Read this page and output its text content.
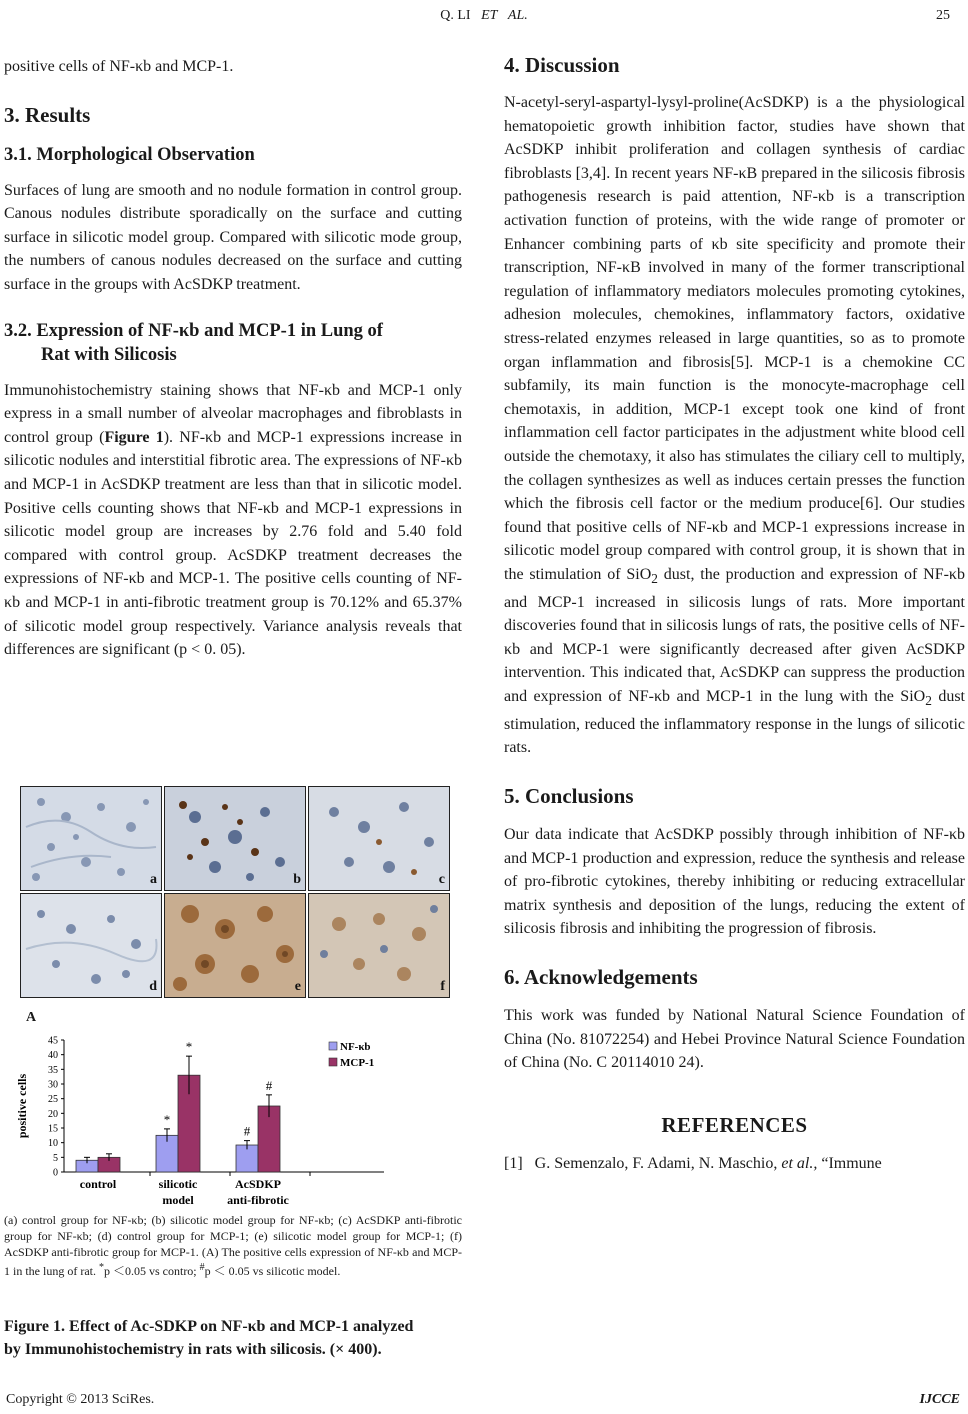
Q. LI ET AL.	25

positive cells of NF-κb and MCP-1.

3. Results
3.1. Morphological Observation

Surfaces of lung are smooth and no nodule formation in control group. Canous nodules distribute sporadically on the surface and cutting surface in silicotic model group. Compared with silicotic mode group, the numbers of canous nodules decreased on the surface and cutting surface in the groups with AcSDKP treatment.

3.2. Expression of NF-κb and MCP-1 in Lung of
Rat with Silicosis

Immunohistochemistry staining shows that NF-κb and MCP-1 only express in a small number of alveolar macrophages and fibroblasts in control group (Figure 1). NF-κb and MCP-1 expressions increase in silicotic nodules and interstitial fibrotic area. The expressions of NF-κb and MCP-1 in AcSDKP treatment are less than that in silicotic model. Positive cells counting shows that NF-κb and MCP-1 expressions in silicotic model group are increases by 2.76 fold and 5.40 fold compared with control group. AcSDKP treatment decreases the expressions of NF-κb and MCP-1. The positive cells counting of NF-κb and MCP-1 in anti-fibrotic treatment group is 70.12% and 65.37% of silicotic model group respectively. Variance analysis reveals that differences are significant (p < 0. 05).

a	b	c
d	e	f
A
0
5
10
15
20
25
30
35
40
45
positive cells
control
*
*
silicotic
model
#
#
AcSDKP
anti-fibrotic
NF-κb
MCP-1
(a) control group for NF-κb; (b) silicotic model group for NF-κb; (c) AcSDKP anti-fibrotic group for NF-κb; (d) control group for MCP-1; (e) silicotic model group for MCP-1; (f) AcSDKP anti-fibrotic group for MCP-1. (A) The positive cells expression of NF-κb and MCP-1 in the lung of rat. *p ＜0.05 vs contro; #p ＜ 0.05 vs silicotic model.
Figure 1. Effect of Ac-SDKP on NF-κb and MCP-1 analyzed
by Immunohistochemistry in rats with silicosis. (× 400).
4. Discussion

N-acetyl-seryl-aspartyl-lysyl-proline(AcSDKP) is a the physiological hematopoietic growth inhibition factor, studies have shown that AcSDKP inhibit proliferation and collagen synthesis of cardiac fibroblasts [3,4]. In recent years NF-κB prepared in the silicosis fibrosis pathogenesis research is paid attention, NF-κb is a transcription activation function of proteins, with the wide range of promoter or Enhancer combining parts of κb site specificity and promote their transcription, NF-κB involved in many of the former transcriptional regulation of inflammatory mediators molecules promoting cytokines, adhesion molecules, chemokines, inflammatory factors, oxidative stress-related enzymes released in large quantities, so as to promote organ inflammation and fibrosis[5]. MCP-1 is a chemokine CC subfamily, its main function is the monocyte-macrophage cell chemotaxis, in addition, MCP-1 except took one kind of front inflammation cell factor participates in the adjustment white blood cell outside the chemotaxy, it also has stimulates the ciliary cell to multiply, the collagen synthesizes as well as induces certain presses the function which the fibrosis cell factor or the medium produce[6]. Our studies found that positive cells of NF-κb and MCP-1 expressions increase in silicotic model group compared with control group, it is shown that in the stimulation of SiO$_2$ dust, the production and expression of NF-κb and MCP-1 increased in silicosis lungs of rats. More important discoveries found that in silicosis lungs of rats, the positive cells of NF-κb and MCP-1 were significantly decreased after given AcSDKP intervention. This indicated that, AcSDKP can suppress the production and expression of NF-κb and MCP-1 in the lung with the SiO$_2$ dust stimulation, reduced the inflammatory response in the lungs of silicotic rats.

5. Conclusions

Our data indicate that AcSDKP possibly through inhibition of NF-κb and MCP-1 production and expression, reduce the synthesis and release of pro-fibrotic cytokines, thereby inhibiting or reducing extracellular matrix synthesis and deposition of the lungs, reducing the extent of silicosis fibrosis and inhibiting the progression of fibrosis.

6. Acknowledgements

This work was funded by National Natural Science Foundation of China (No. 81072254) and Hebei Province Natural Science Foundation of China (No. C 20114010 24).

REFERENCES
[1] G. Semenzalo, F. Adami, N. Maschio, et al., “Immune
Copyright © 2013 SciRes.	IJCCE
